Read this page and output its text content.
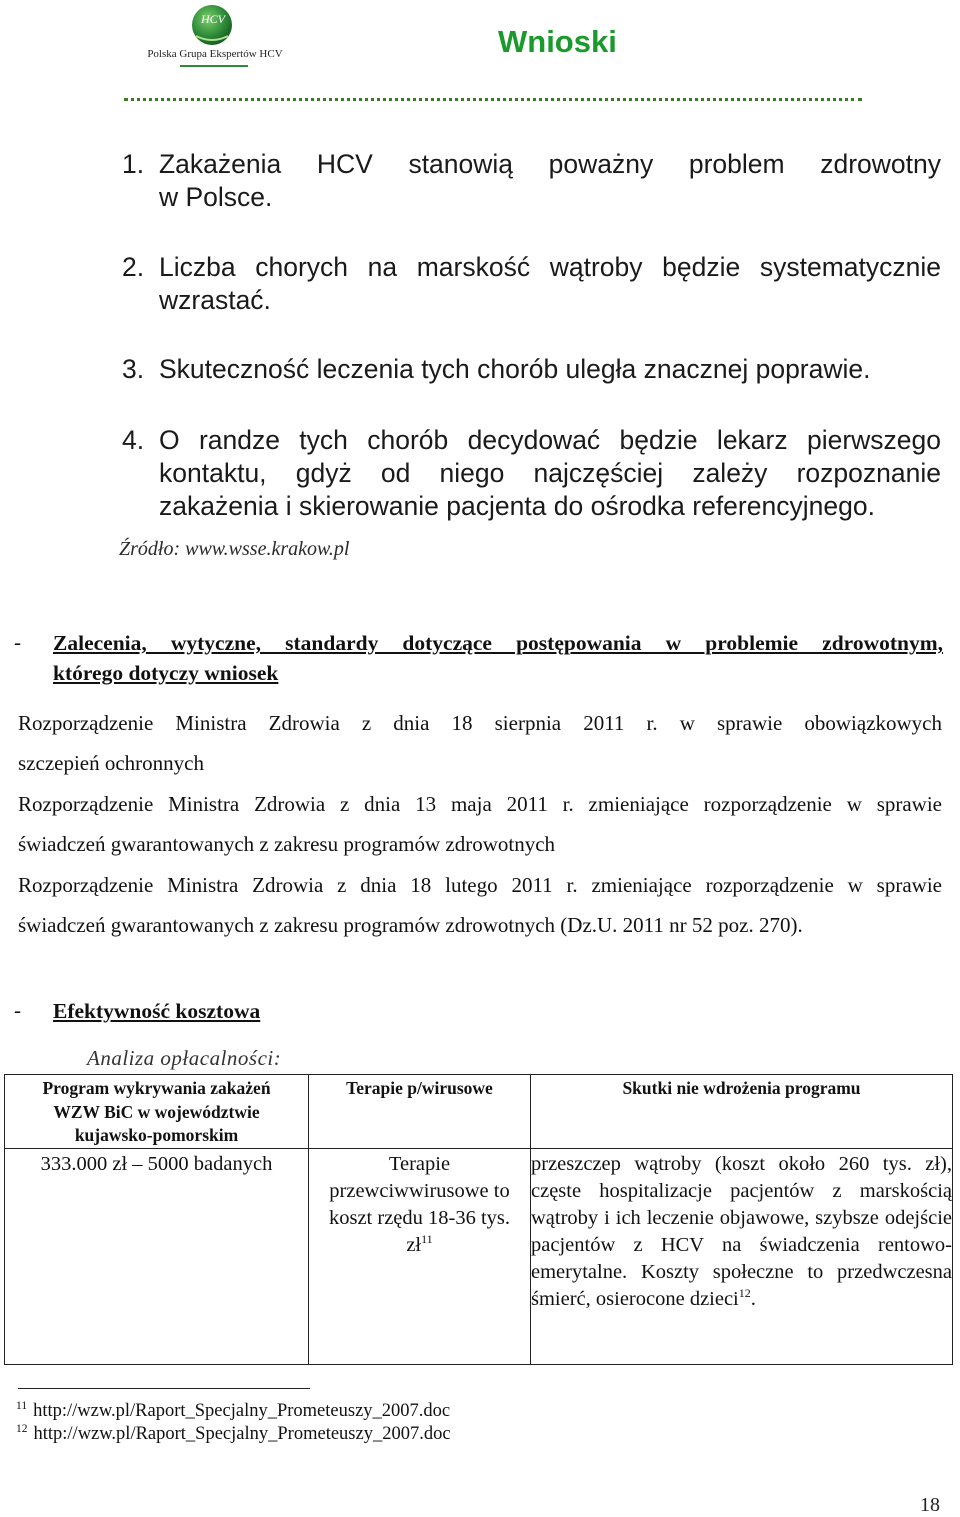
HCV
Polska Grupa Ekspertów HCV	Wnioski
1. Zakażenia HCV stanowią poważny problem zdrowotny
w Polsce.
2. Liczba chorych na marskość wątroby będzie systematycznie
wzrastać.
3. Skuteczność leczenia tych chorób uległa znacznej poprawie.
4. O randze tych chorób decydować będzie lekarz pierwszego
kontaktu, gdyż od niego najczęściej zależy rozpoznanie
zakażenia i skierowanie pacjenta do ośrodka referencyjnego.
Źródło: www.wsse.krakow.pl
- Zalecenia, wytyczne, standardy dotyczące postępowania w problemie zdrowotnym,
którego dotyczy wniosek
Rozporządzenie Ministra Zdrowia z dnia 18 sierpnia 2011 r. w sprawie obowiązkowych
szczepień ochronnych
Rozporządzenie Ministra Zdrowia z dnia 13 maja 2011 r. zmieniające rozporządzenie w sprawie
świadczeń gwarantowanych z zakresu programów zdrowotnych
Rozporządzenie Ministra Zdrowia z dnia 18 lutego 2011 r. zmieniające rozporządzenie w sprawie
świadczeń gwarantowanych z zakresu programów zdrowotnych (Dz.U. 2011 nr 52 poz. 270).
- Efektywność kosztowa
Analiza opłacalności:
Program wykrywania zakażeń WZW BiC w województwie kujawsko-pomorskim	Terapie p/wirusowe	Skutki nie wdrożenia programu
333.000 zł – 5000 badanych	Terapie przewciwwirusowe to koszt rzędu 18-36 tys. $zł^{11}$	przeszczep wątroby (koszt około 260 tys. zł), częste hospitalizacje pacjentów z marskością wątroby i ich leczenie objawowe, szybsze odejście pacjentów z HCV na świadczenia rentowo-emerytalne. Koszty społeczne to przedwczesna śmierć, osierocone dzieci$^{12}$.
$^{11}$ http://wzw.pl/Raport_Specjalny_Prometeuszy_2007.doc
$^{12}$ http://wzw.pl/Raport_Specjalny_Prometeuszy_2007.doc
18
